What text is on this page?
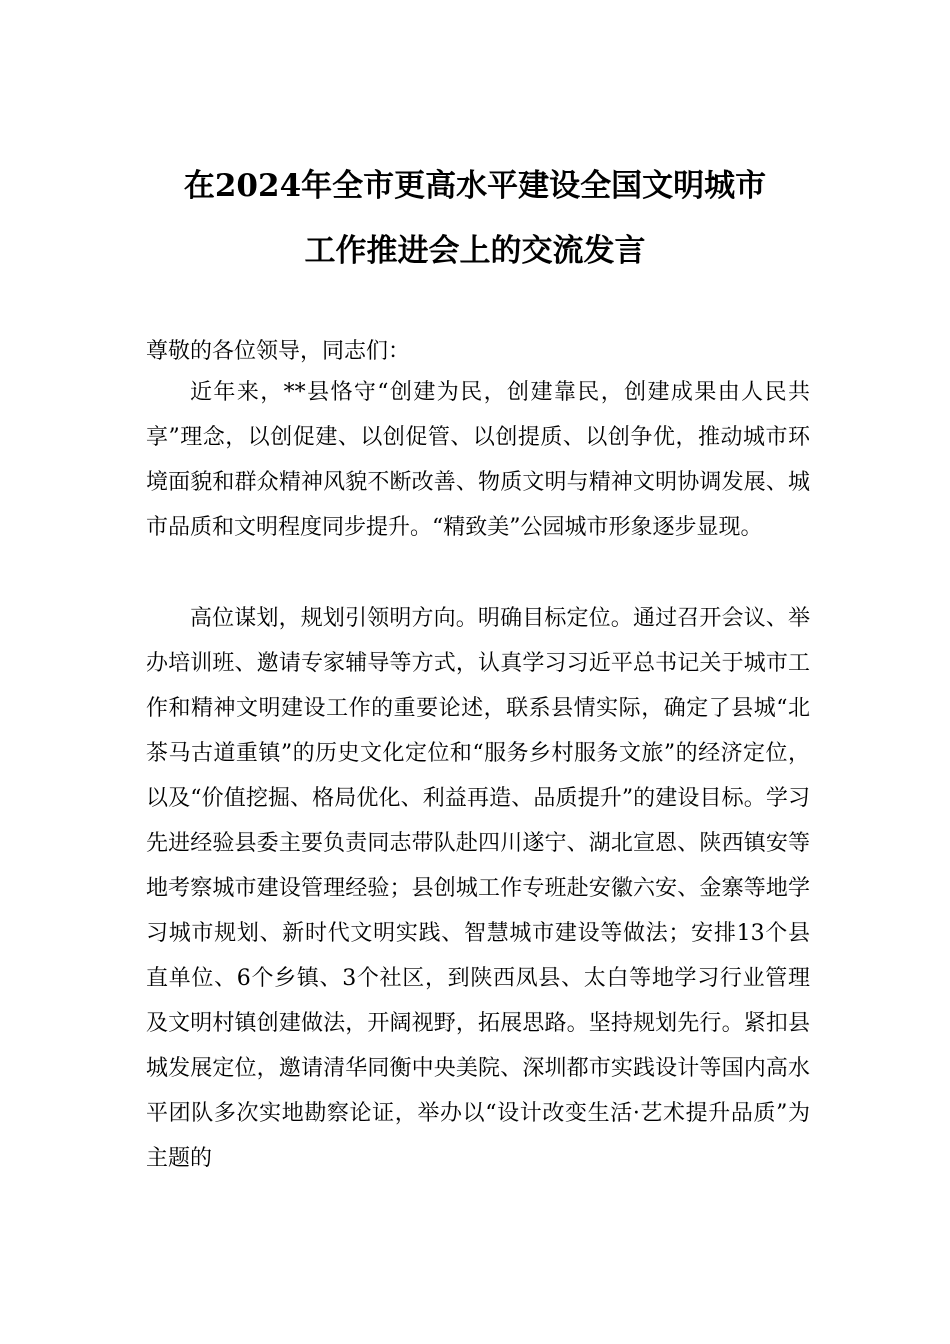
在2024年全市更高水平建设全国文明城市
工作推进会上的交流发言
尊敬的各位领导，同志们：
近年来，**县恪守“创建为民，创建靠民，创建成果由人民共享”理念，以创促建、以创促管、以创提质、以创争优，推动城市环境面貌和群众精神风貌不断改善、物质文明与精神文明协调发展、城市品质和文明程度同步提升。“精致美”公园城市形象逐步显现。
高位谋划，规划引领明方向。明确目标定位。通过召开会议、举办培训班、邀请专家辅导等方式，认真学习习近平总书记关于城市工作和精神文明建设工作的重要论述，联系县情实际，确定了县城“北茶马古道重镇”的历史文化定位和“服务乡村服务文旅”的经济定位，以及“价值挖掘、格局优化、利益再造、品质提升”的建设目标。学习先进经验县委主要负责同志带队赴四川遂宁、湖北宣恩、陕西镇安等地考察城市建设管理经验；县创城工作专班赴安徽六安、金寨等地学习城市规划、新时代文明实践、智慧城市建设等做法；安排13个县直单位、6个乡镇、3个社区，到陕西凤县、太白等地学习行业管理及文明村镇创建做法，开阔视野，拓展思路。坚持规划先行。紧扣县城发展定位，邀请清华同衡中央美院、深圳都市实践设计等国内高水平团队多次实地勘察论证，举办以“设计改变生活·艺术提升品质”为主题的
